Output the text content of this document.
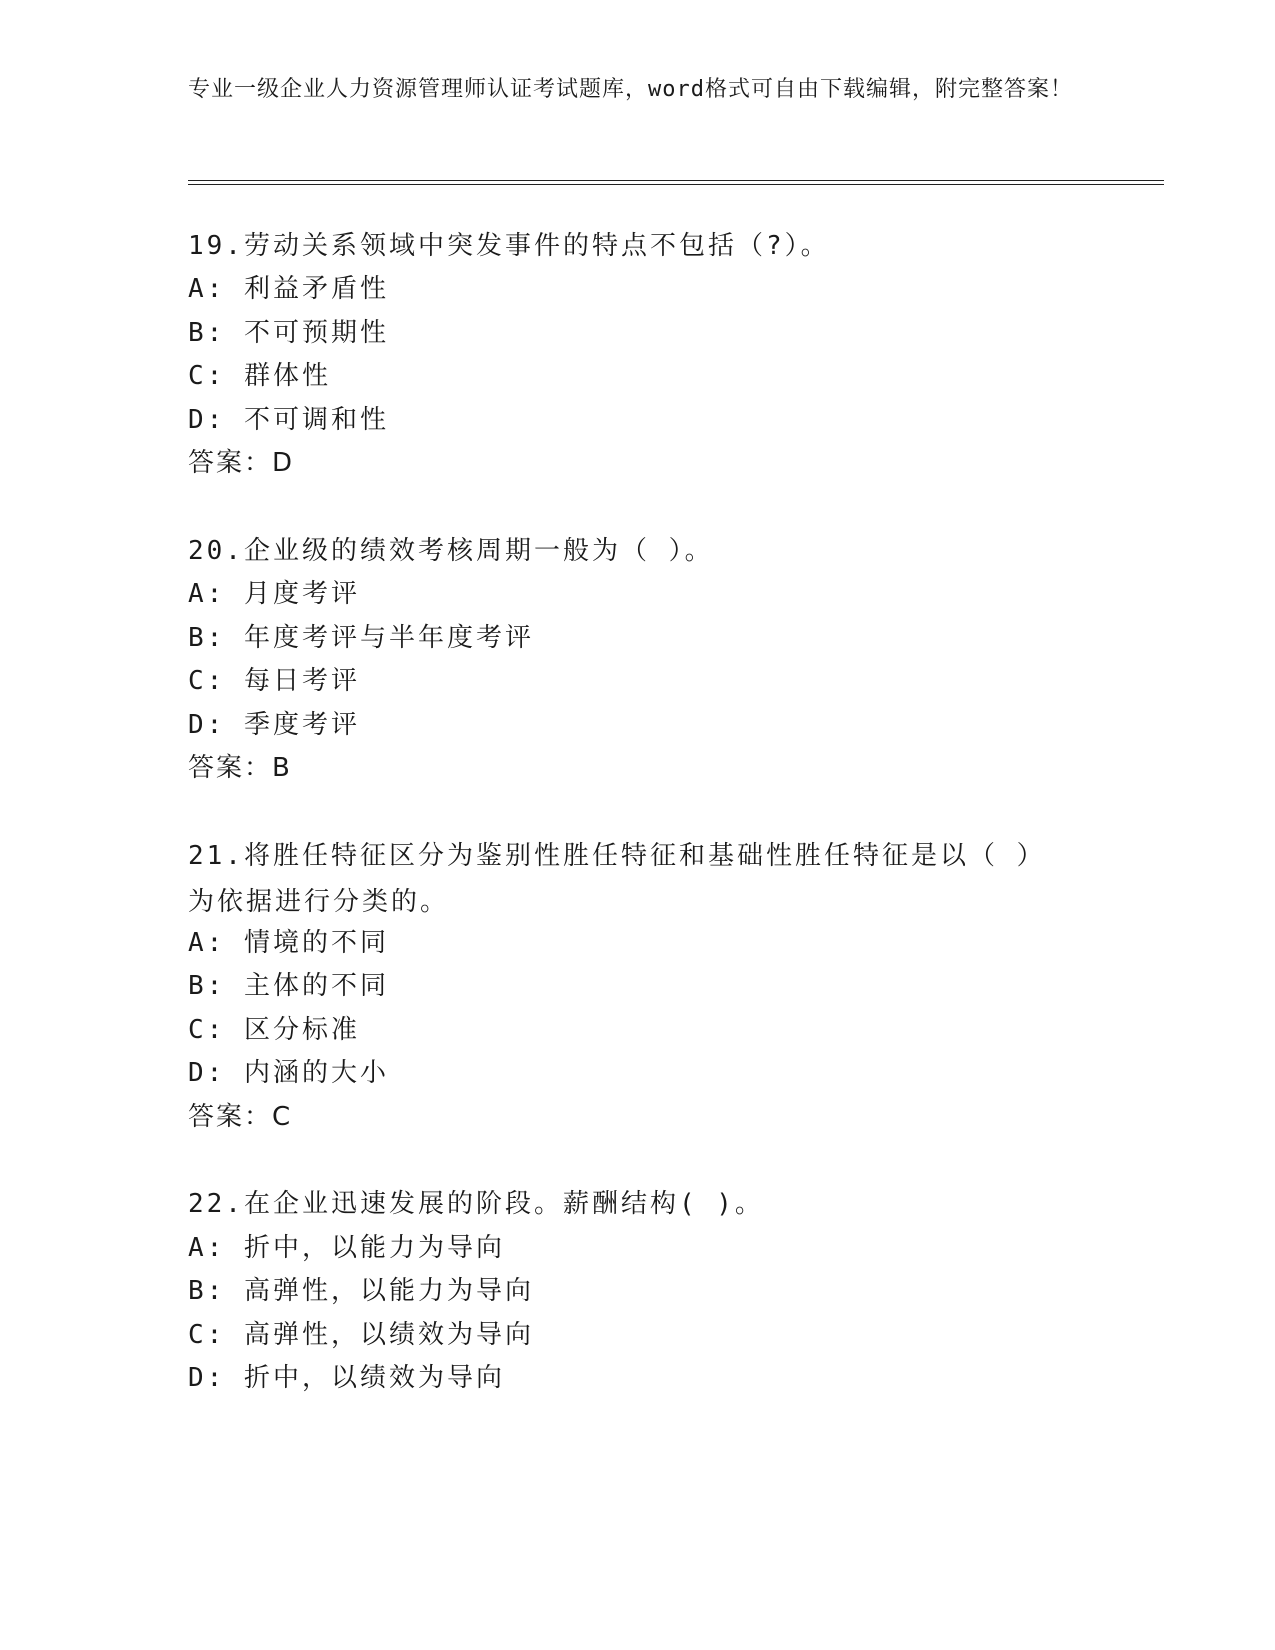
专业一级企业人力资源管理师认证考试题库，word格式可自由下载编辑，附完整答案！
19.劳动关系领域中突发事件的特点不包括（?）。
A: 利益矛盾性
B: 不可预期性
C: 群体性
D: 不可调和性
答案：D
20.企业级的绩效考核周期一般为（ ）。
A: 月度考评
B: 年度考评与半年度考评
C: 每日考评
D: 季度考评
答案：B
21.将胜任特征区分为鉴别性胜任特征和基础性胜任特征是以（ ）为依据进行分类的。
A: 情境的不同
B: 主体的不同
C: 区分标准
D: 内涵的大小
答案：C
22.在企业迅速发展的阶段。薪酬结构( )。
A: 折中，以能力为导向
B: 高弹性，以能力为导向
C: 高弹性，以绩效为导向
D: 折中，以绩效为导向
